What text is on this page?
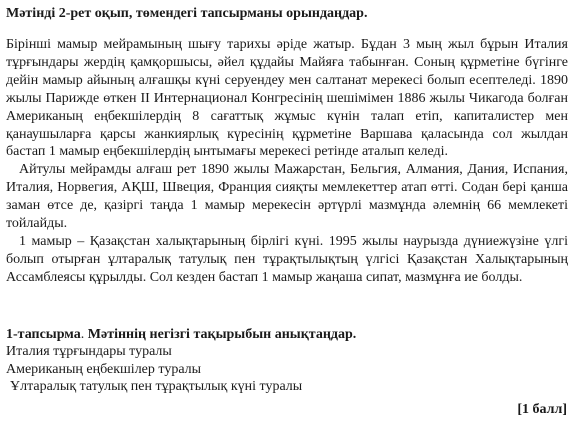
Мәтінді 2-рет оқып, төмендегі тапсырманы орындаңдар.

Бірінші мамыр мейрамының шығу тарихы әріде жатыр. Бұдан 3 мың жыл бұрын Италия тұрғындары жердің қамқоршысы, әйел құдайы Майяға табынған. Соның құрметіне бүгінге дейін мамыр айының алғашқы күні серуендеу мен салтанат мерекесі болып есептеледі. 1890 жылы Парижде өткен II Интернационал Конгресінің шешімімен 1886 жылы Чикагода болған Американың еңбекшілердің 8 сағаттық жұмыс күнін талап етіп, капиталистер мен қанаушыларға қарсы жанкиярлық күресінің құрметіне Варшава қаласында сол жылдан бастап 1 мамыр еңбекшілердің ынтымағы мерекесі ретінде аталып келеді.

Айтулы мейрамды алғаш рет 1890 жылы Мажарстан, Бельгия, Алмания, Дания, Испания, Италия, Норвегия, АҚШ, Швеция, Франция сияқты мемлекеттер атап өтті. Содан бері қанша заман өтсе де, қазіргі таңда 1 мамыр мерекесін әртүрлі мазмұнда әлемнің 66 мемлекеті тойлайды.

1 мамыр – Қазақстан халықтарының бірлігі күні. 1995 жылы наурызда дүниежүзіне үлгі болып отырған ұлтаралық татулық пен тұрақтылықтың үлгісі Қазақстан Халықтарының Ассамблеясы құрылды. Сол кезден бастап 1 мамыр жаңаша сипат, мазмұнға ие болды.

1-тапсырма. Мәтіннің негізгі тақырыбын анықтаңдар.
Италия тұрғындары туралы
Американың еңбекшілер туралы
Ұлтаралық татулық пен тұрақтылық күні туралы
[1 балл]
